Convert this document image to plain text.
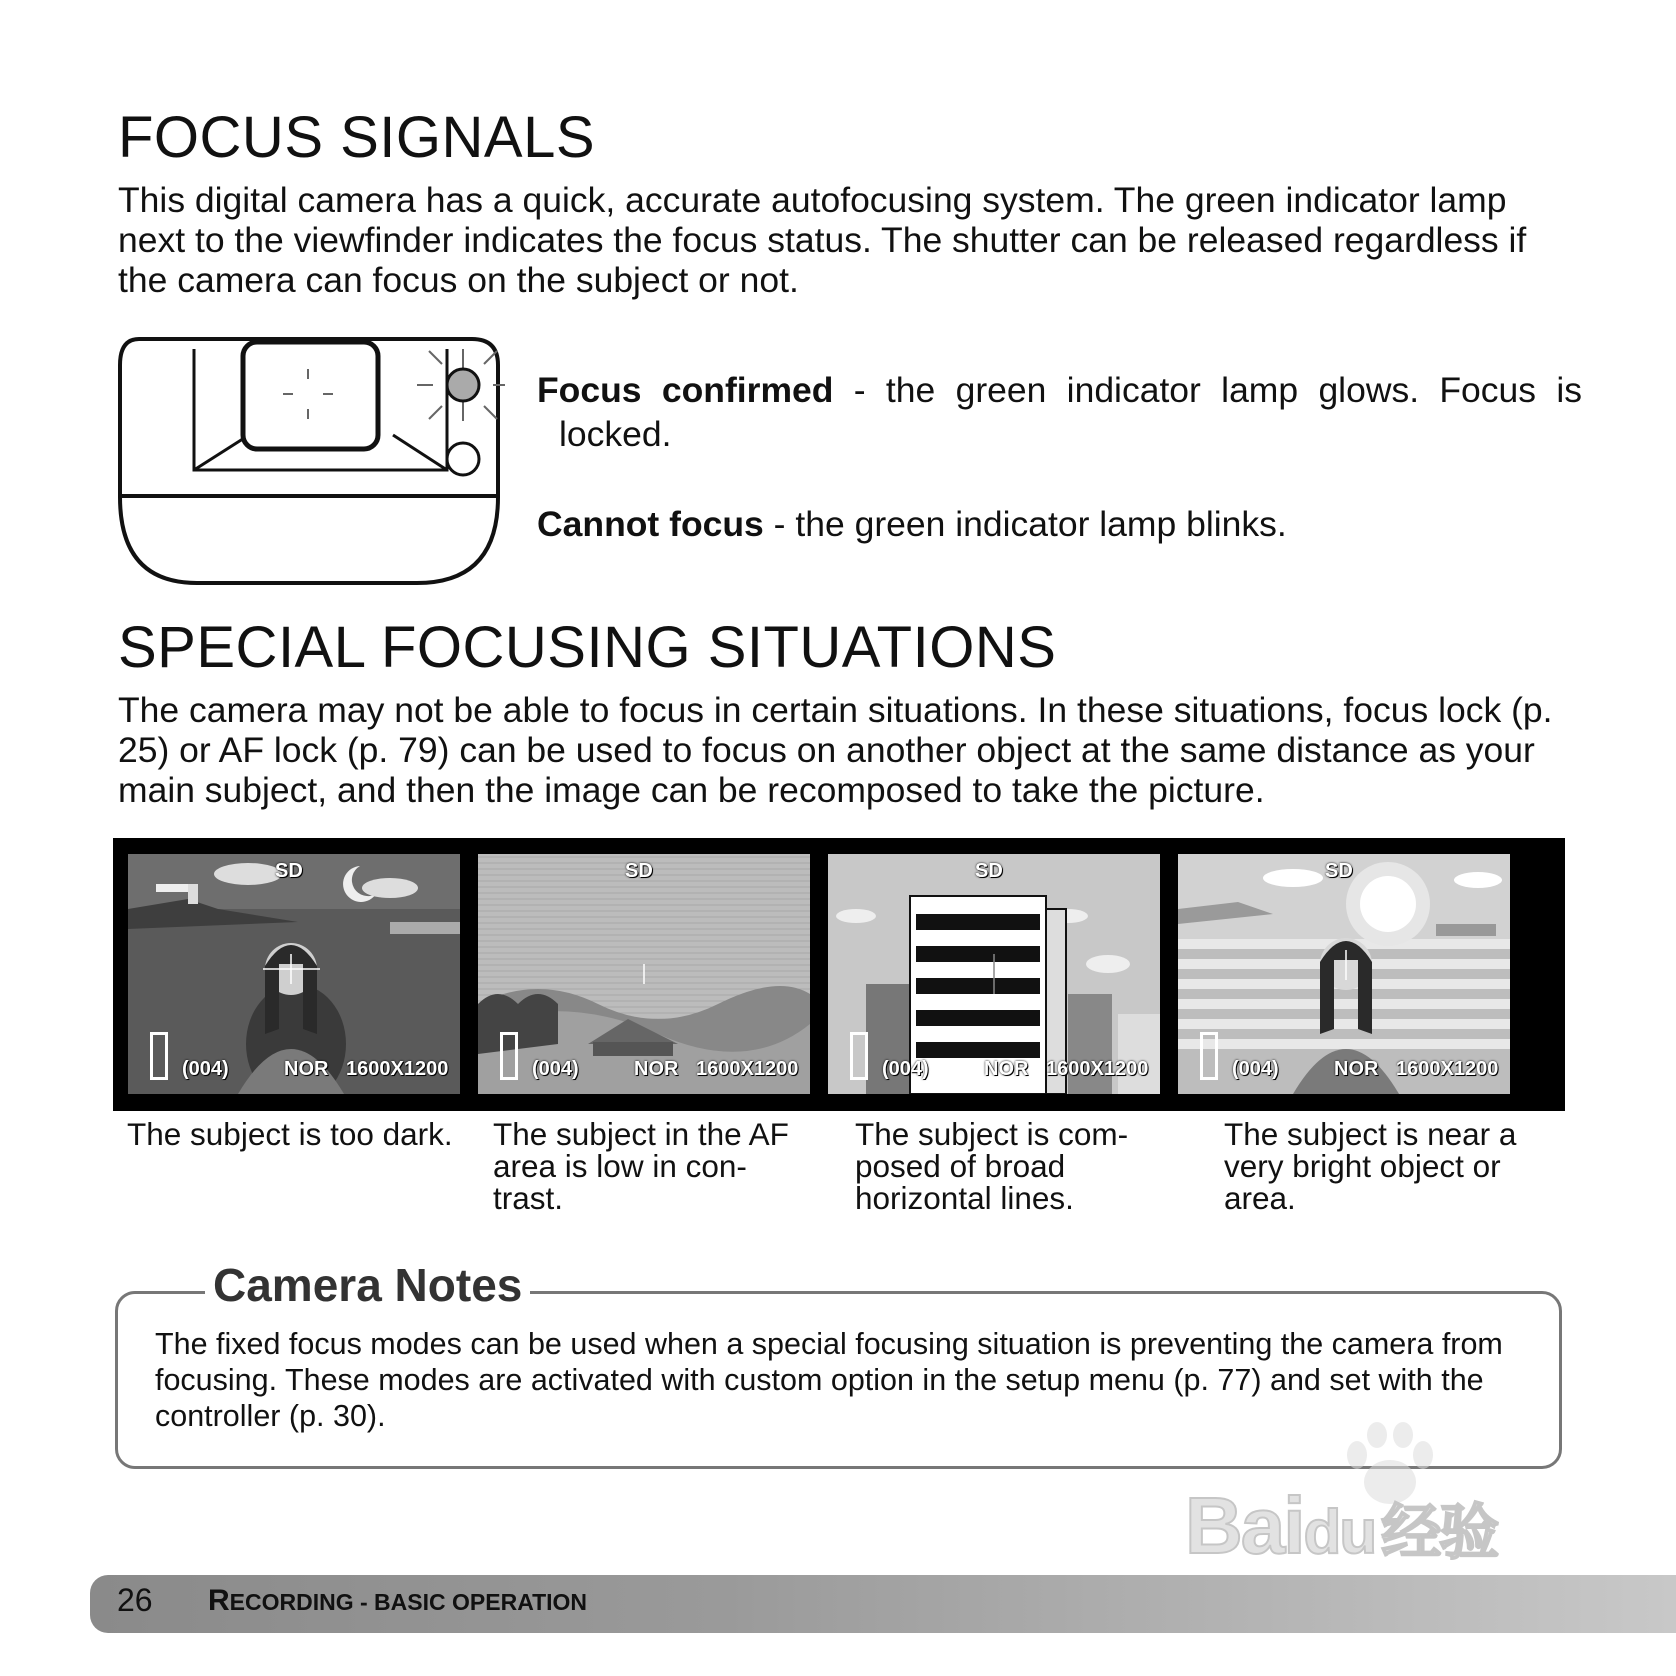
FOCUS SIGNALS

This digital camera has a quick, accurate autofocusing system. The green indicator lamp next to the viewfinder indicates the focus status. The shutter can be released regardless if the camera can focus on the subject or not.

Focus confirmed - the green indicator lamp glows. Focus is locked.

Cannot focus - the green indicator lamp blinks.

SPECIAL FOCUSING SITUATIONS

The camera may not be able to focus in certain situations. In these situations, focus lock (p. 25) or AF lock (p. 79) can be used to focus on another object at the same distance as your main subject, and then the image can be recomposed to take the picture.

SD
(004)	NOR 1600X1200
SD
(004)	NOR 1600X1200
SD
(004)	NOR 1600X1200
SD
(004)	NOR 1600X1200

The subject is too dark.	The subject in the AF area is low in con-trast.

The subject is com-posed of broad horizontal lines.

The subject is near a very bright object or area.

Camera Notes

The fixed focus modes can be used when a special focusing situation is preventing the camera from focusing. These modes are activated with custom option in the setup menu (p. 77) and set with the controller (p. 30).

Baidu 经验

26 RECORDING - BASIC OPERATION
